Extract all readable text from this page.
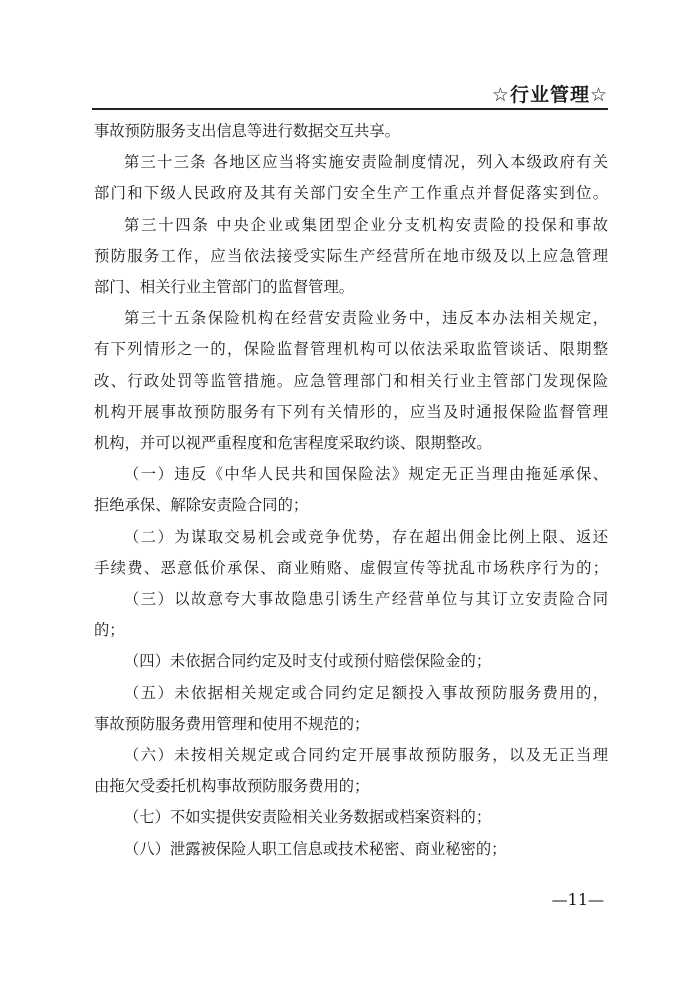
☆行业管理☆

事故预防服务支出信息等进行数据交互共享。

第三十三条 各地区应当将实施安责险制度情况，列入本级政府有关

部门和下级人民政府及其有关部门安全生产工作重点并督促落实到位。

第三十四条 中央企业或集团型企业分支机构安责险的投保和事故

预防服务工作，应当依法接受实际生产经营所在地市级及以上应急管理

部门、相关行业主管部门的监督管理。

第三十五条保险机构在经营安责险业务中，违反本办法相关规定，

有下列情形之一的，保险监督管理机构可以依法采取监管谈话、限期整

改、行政处罚等监管措施。应急管理部门和相关行业主管部门发现保险

机构开展事故预防服务有下列有关情形的，应当及时通报保险监督管理

机构，并可以视严重程度和危害程度采取约谈、限期整改。

（一）违反《中华人民共和国保险法》规定无正当理由拖延承保、

拒绝承保、解除安责险合同的；

（二）为谋取交易机会或竞争优势，存在超出佣金比例上限、返还

手续费、恶意低价承保、商业贿赂、虚假宣传等扰乱市场秩序行为的；

（三）以故意夸大事故隐患引诱生产经营单位与其订立安责险合同

的；

（四）未依据合同约定及时支付或预付赔偿保险金的；

（五）未依据相关规定或合同约定足额投入事故预防服务费用的，

事故预防服务费用管理和使用不规范的；

（六）未按相关规定或合同约定开展事故预防服务，以及无正当理

由拖欠受委托机构事故预防服务费用的；

（七）不如实提供安责险相关业务数据或档案资料的；

（八）泄露被保险人职工信息或技术秘密、商业秘密的；

—11—
